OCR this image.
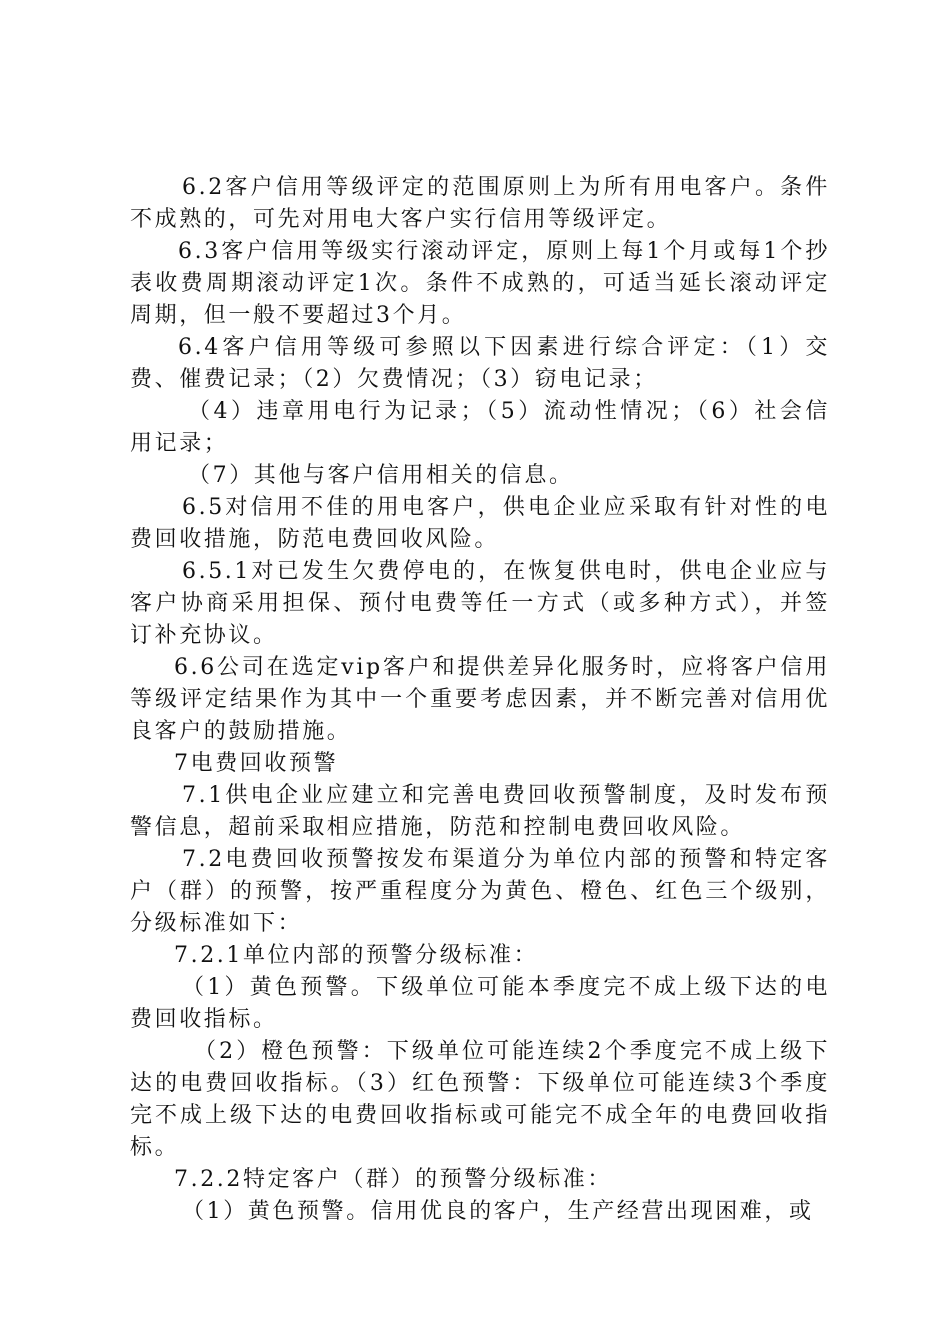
6.2客户信用等级评定的范围原则上为所有用电客户。条件不成熟的，可先对用电大客户实行信用等级评定。

6.3客户信用等级实行滚动评定，原则上每1个月或每1个抄表收费周期滚动评定1次。条件不成熟的，可适当延长滚动评定周期，但一般不要超过3个月。

6.4客户信用等级可参照以下因素进行综合评定：（1）交费、催费记录；（2）欠费情况；（3）窃电记录；

（4）违章用电行为记录；（5）流动性情况；（6）社会信用记录；

（7）其他与客户信用相关的信息。

6.5对信用不佳的用电客户，供电企业应采取有针对性的电费回收措施，防范电费回收风险。

6.5.1对已发生欠费停电的，在恢复供电时，供电企业应与客户协商采用担保、预付电费等任一方式（或多种方式），并签订补充协议。

6.6公司在选定vip客户和提供差异化服务时，应将客户信用等级评定结果作为其中一个重要考虑因素，并不断完善对信用优良客户的鼓励措施。

7电费回收预警

7.1供电企业应建立和完善电费回收预警制度，及时发布预警信息，超前采取相应措施，防范和控制电费回收风险。

7.2电费回收预警按发布渠道分为单位内部的预警和特定客户（群）的预警，按严重程度分为黄色、橙色、红色三个级别，分级标准如下：

7.2.1单位内部的预警分级标准：

（1）黄色预警。下级单位可能本季度完不成上级下达的电费回收指标。

（2）橙色预警：下级单位可能连续2个季度完不成上级下达的电费回收指标。（3）红色预警：下级单位可能连续3个季度完不成上级下达的电费回收指标或可能完不成全年的电费回收指标。

7.2.2特定客户（群）的预警分级标准：

（1）黄色预警。信用优良的客户，生产经营出现困难，或
